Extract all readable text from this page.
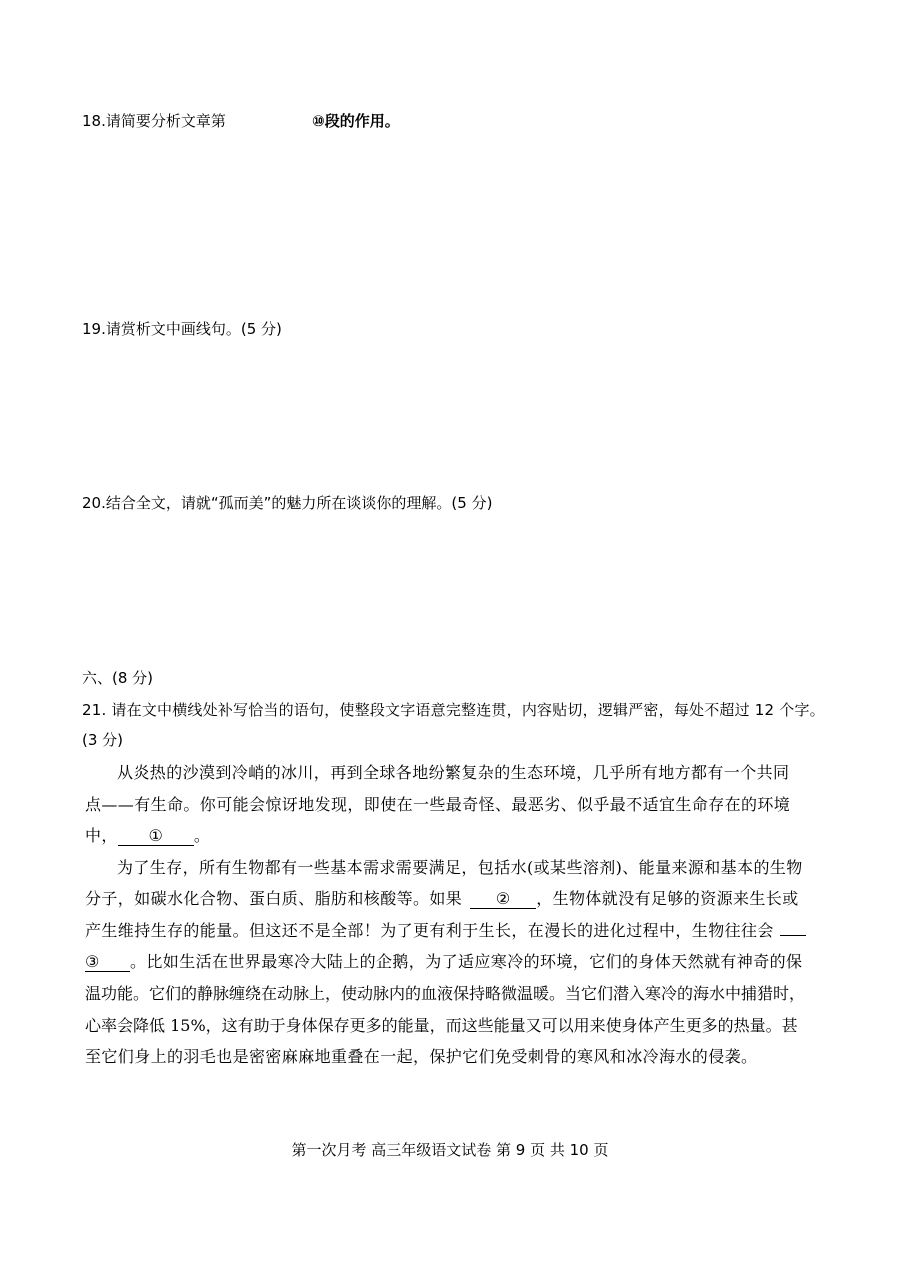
18.请简要分析文章第	⑩段的作用。
19.请赏析文中画线句。(5 分)
20.结合全文，请就“孤而美”的魅力所在谈谈你的理解。(5 分)
六、(8 分)
21. 请在文中横线处补写恰当的语句，使整段文字语意完整连贯，内容贴切，逻辑严密，每处不超过 12 个字。
(3 分)
从炎热的沙漠到冷峭的冰川，再到全球各地纷繁复杂的生态环境，几乎所有地方都有一个共同
点——有生命。你可能会惊讶地发现，即使在一些最奇怪、最恶劣、似乎最不适宜生命存在的环境
中， ① 。
为了生存，所有生物都有一些基本需求需要满足，包括水(或某些溶剂)、能量来源和基本的生物
分子，如碳水化合物、蛋白质、脂肪和核酸等。如果 ② ，生物体就没有足够的资源来生长或
产生维持生存的能量。但这还不是全部！为了更有利于生长，在漫长的进化过程中，生物往往会
③ 。比如生活在世界最寒冷大陆上的企鹅，为了适应寒冷的环境，它们的身体天然就有神奇的保
温功能。它们的静脉缠绕在动脉上，使动脉内的血液保持略微温暖。当它们潜入寒冷的海水中捕猎时，
心率会降低 15%，这有助于身体保存更多的能量，而这些能量又可以用来使身体产生更多的热量。甚
至它们身上的羽毛也是密密麻麻地重叠在一起，保护它们免受刺骨的寒风和冰冷海水的侵袭。
第一次月考 高三年级语文试卷 第 9 页 共 10 页
